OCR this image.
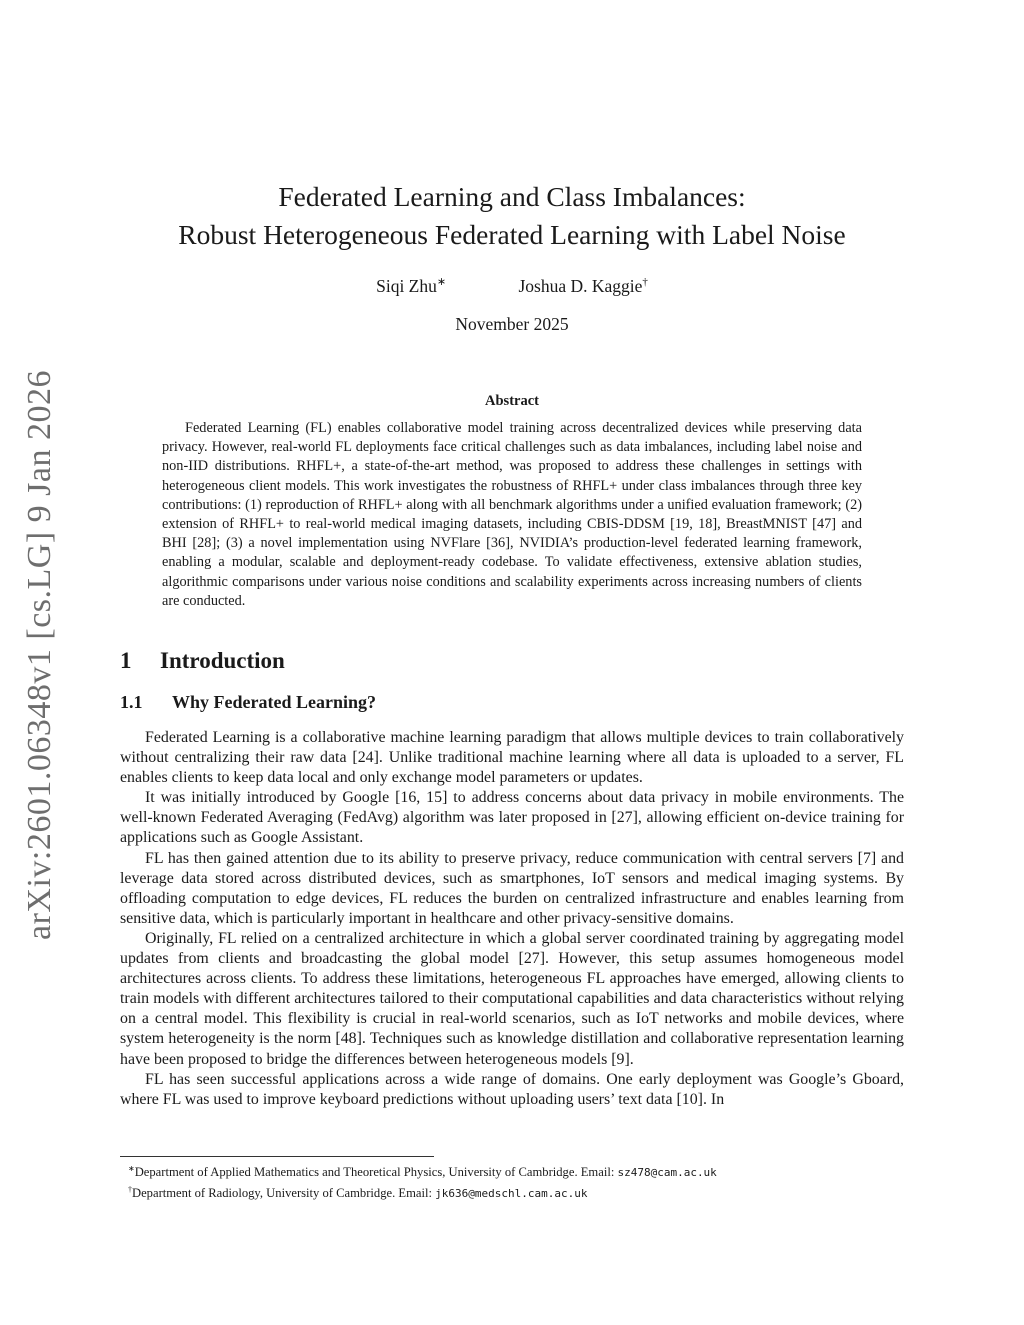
arXiv:2601.06348v1 [cs.LG] 9 Jan 2026
Federated Learning and Class Imbalances:
Robust Heterogeneous Federated Learning with Label Noise
Siqi Zhu∗	Joshua D. Kaggie†
November 2025
Abstract

Federated Learning (FL) enables collaborative model training across decentralized devices while preserving data privacy. However, real-world FL deployments face critical challenges such as data imbalances, including label noise and non-IID distributions. RHFL+, a state-of-the-art method, was proposed to address these challenges in settings with heterogeneous client models. This work investigates the robustness of RHFL+ under class imbalances through three key contributions: (1) reproduction of RHFL+ along with all benchmark algorithms under a unified evaluation framework; (2) extension of RHFL+ to real-world medical imaging datasets, including CBIS-DDSM [19, 18], BreastMNIST [47] and BHI [28]; (3) a novel implementation using NVFlare [36], NVIDIA’s production-level federated learning framework, enabling a modular, scalable and deployment-ready codebase. To validate effectiveness, extensive ablation studies, algorithmic comparisons under various noise conditions and scalability experiments across increasing numbers of clients are conducted.

1 Introduction
1.1 Why Federated Learning?

Federated Learning is a collaborative machine learning paradigm that allows multiple devices to train collaboratively without centralizing their raw data [24]. Unlike traditional machine learning where all data is uploaded to a server, FL enables clients to keep data local and only exchange model parameters or updates.

It was initially introduced by Google [16, 15] to address concerns about data privacy in mobile environments. The well-known Federated Averaging (FedAvg) algorithm was later proposed in [27], allowing efficient on-device training for applications such as Google Assistant.

FL has then gained attention due to its ability to preserve privacy, reduce communication with central servers [7] and leverage data stored across distributed devices, such as smartphones, IoT sensors and medical imaging systems. By offloading computation to edge devices, FL reduces the burden on centralized infrastructure and enables learning from sensitive data, which is particularly important in healthcare and other privacy-sensitive domains.

Originally, FL relied on a centralized architecture in which a global server coordinated training by aggregating model updates from clients and broadcasting the global model [27]. However, this setup assumes homogeneous model architectures across clients. To address these limitations, heterogeneous FL approaches have emerged, allowing clients to train models with different architectures tailored to their computational capabilities and data characteristics without relying on a central model. This flexibility is crucial in real-world scenarios, such as IoT networks and mobile devices, where system heterogeneity is the norm [48]. Techniques such as knowledge distillation and collaborative representation learning have been proposed to bridge the differences between heterogeneous models [9].

FL has seen successful applications across a wide range of domains. One early deployment was Google’s Gboard, where FL was used to improve keyboard predictions without uploading users’ text data [10]. In

∗Department of Applied Mathematics and Theoretical Physics, University of Cambridge. Email: sz478@cam.ac.uk
†Department of Radiology, University of Cambridge. Email: jk636@medschl.cam.ac.uk
